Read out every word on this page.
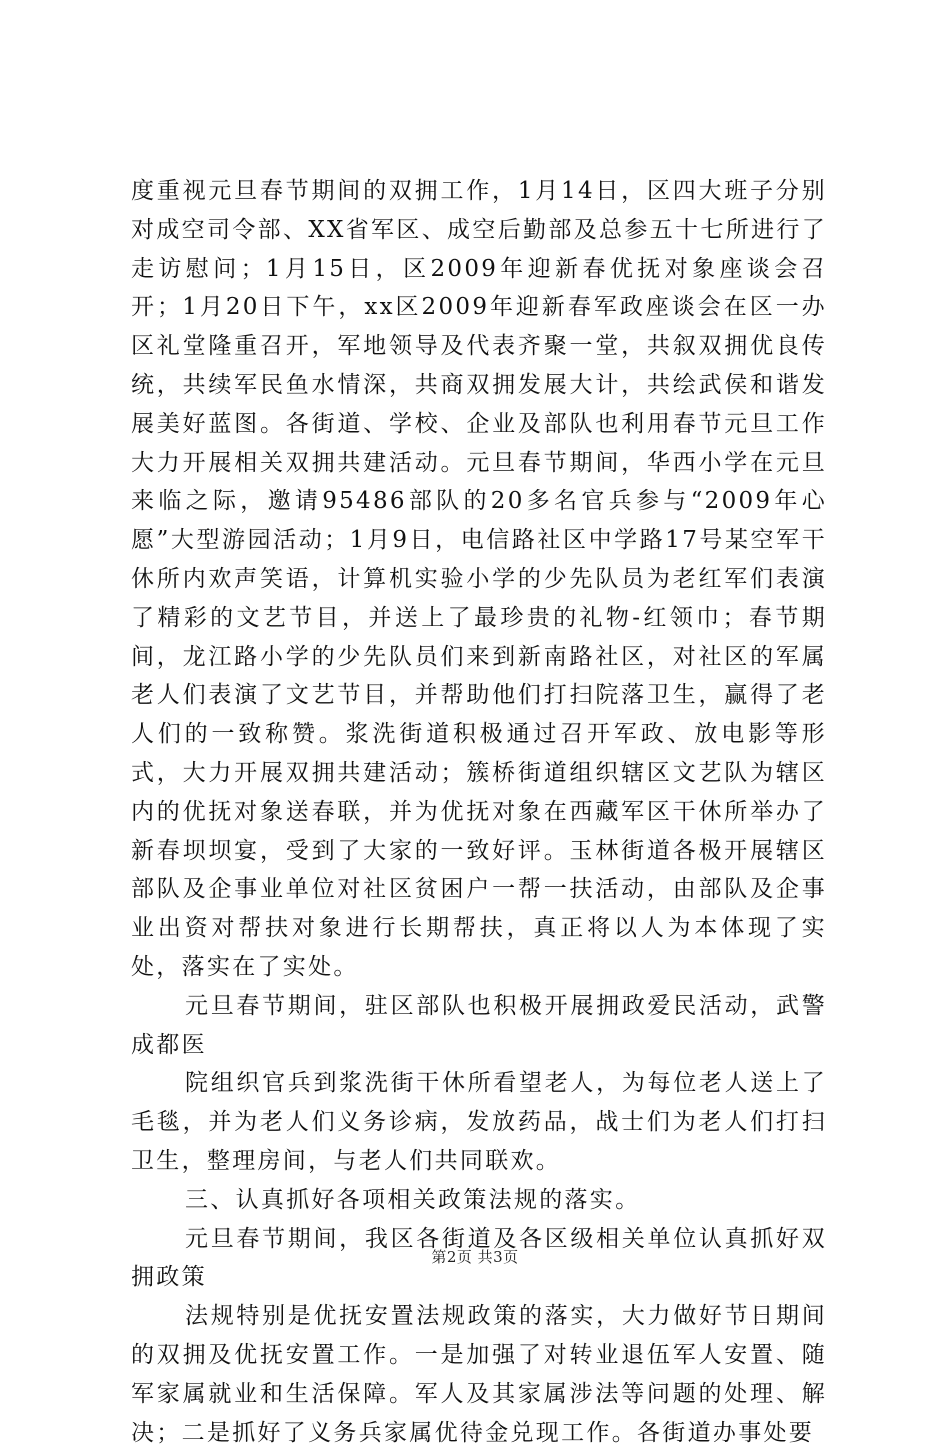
度重视元旦春节期间的双拥工作，1月14日，区四大班子分别对成空司令部、XX省军区、成空后勤部及总参五十七所进行了走访慰问；1月15日，区2009年迎新春优抚对象座谈会召开；1月20日下午，xx区2009年迎新春军政座谈会在区一办区礼堂隆重召开，军地领导及代表齐聚一堂，共叙双拥优良传统，共续军民鱼水情深，共商双拥发展大计，共绘武侯和谐发展美好蓝图。各街道、学校、企业及部队也利用春节元旦工作大力开展相关双拥共建活动。元旦春节期间，华西小学在元旦来临之际，邀请95486部队的20多名官兵参与“2009年心愿”大型游园活动；1月9日，电信路社区中学路17号某空军干休所内欢声笑语，计算机实验小学的少先队员为老红军们表演了精彩的文艺节目，并送上了最珍贵的礼物-红领巾；春节期间，龙江路小学的少先队员们来到新南路社区，对社区的军属老人们表演了文艺节目，并帮助他们打扫院落卫生，赢得了老人们的一致称赞。浆洗街道积极通过召开军政、放电影等形式，大力开展双拥共建活动；簇桥街道组织辖区文艺队为辖区内的优抚对象送春联，并为优抚对象在西藏军区干休所举办了新春坝坝宴，受到了大家的一致好评。玉林街道各极开展辖区部队及企事业单位对社区贫困户一帮一扶活动，由部队及企事业出资对帮扶对象进行长期帮扶，真正将以人为本体现了实处，落实在了实处。

元旦春节期间，驻区部队也积极开展拥政爱民活动，武警成都医

院组织官兵到浆洗街干休所看望老人，为每位老人送上了毛毯，并为老人们义务诊病，发放药品，战士们为老人们打扫卫生，整理房间，与老人们共同联欢。

三、认真抓好各项相关政策法规的落实。

元旦春节期间，我区各街道及各区级相关单位认真抓好双拥政策

法规特别是优抚安置法规政策的落实，大力做好节日期间的双拥及优抚安置工作。一是加强了对转业退伍军人安置、随军家属就业和生活保障。军人及其家属涉法等问题的处理、解决；二是抓好了义务兵家属优待金兑现工作。各街道办事处要

第2页 共3页
